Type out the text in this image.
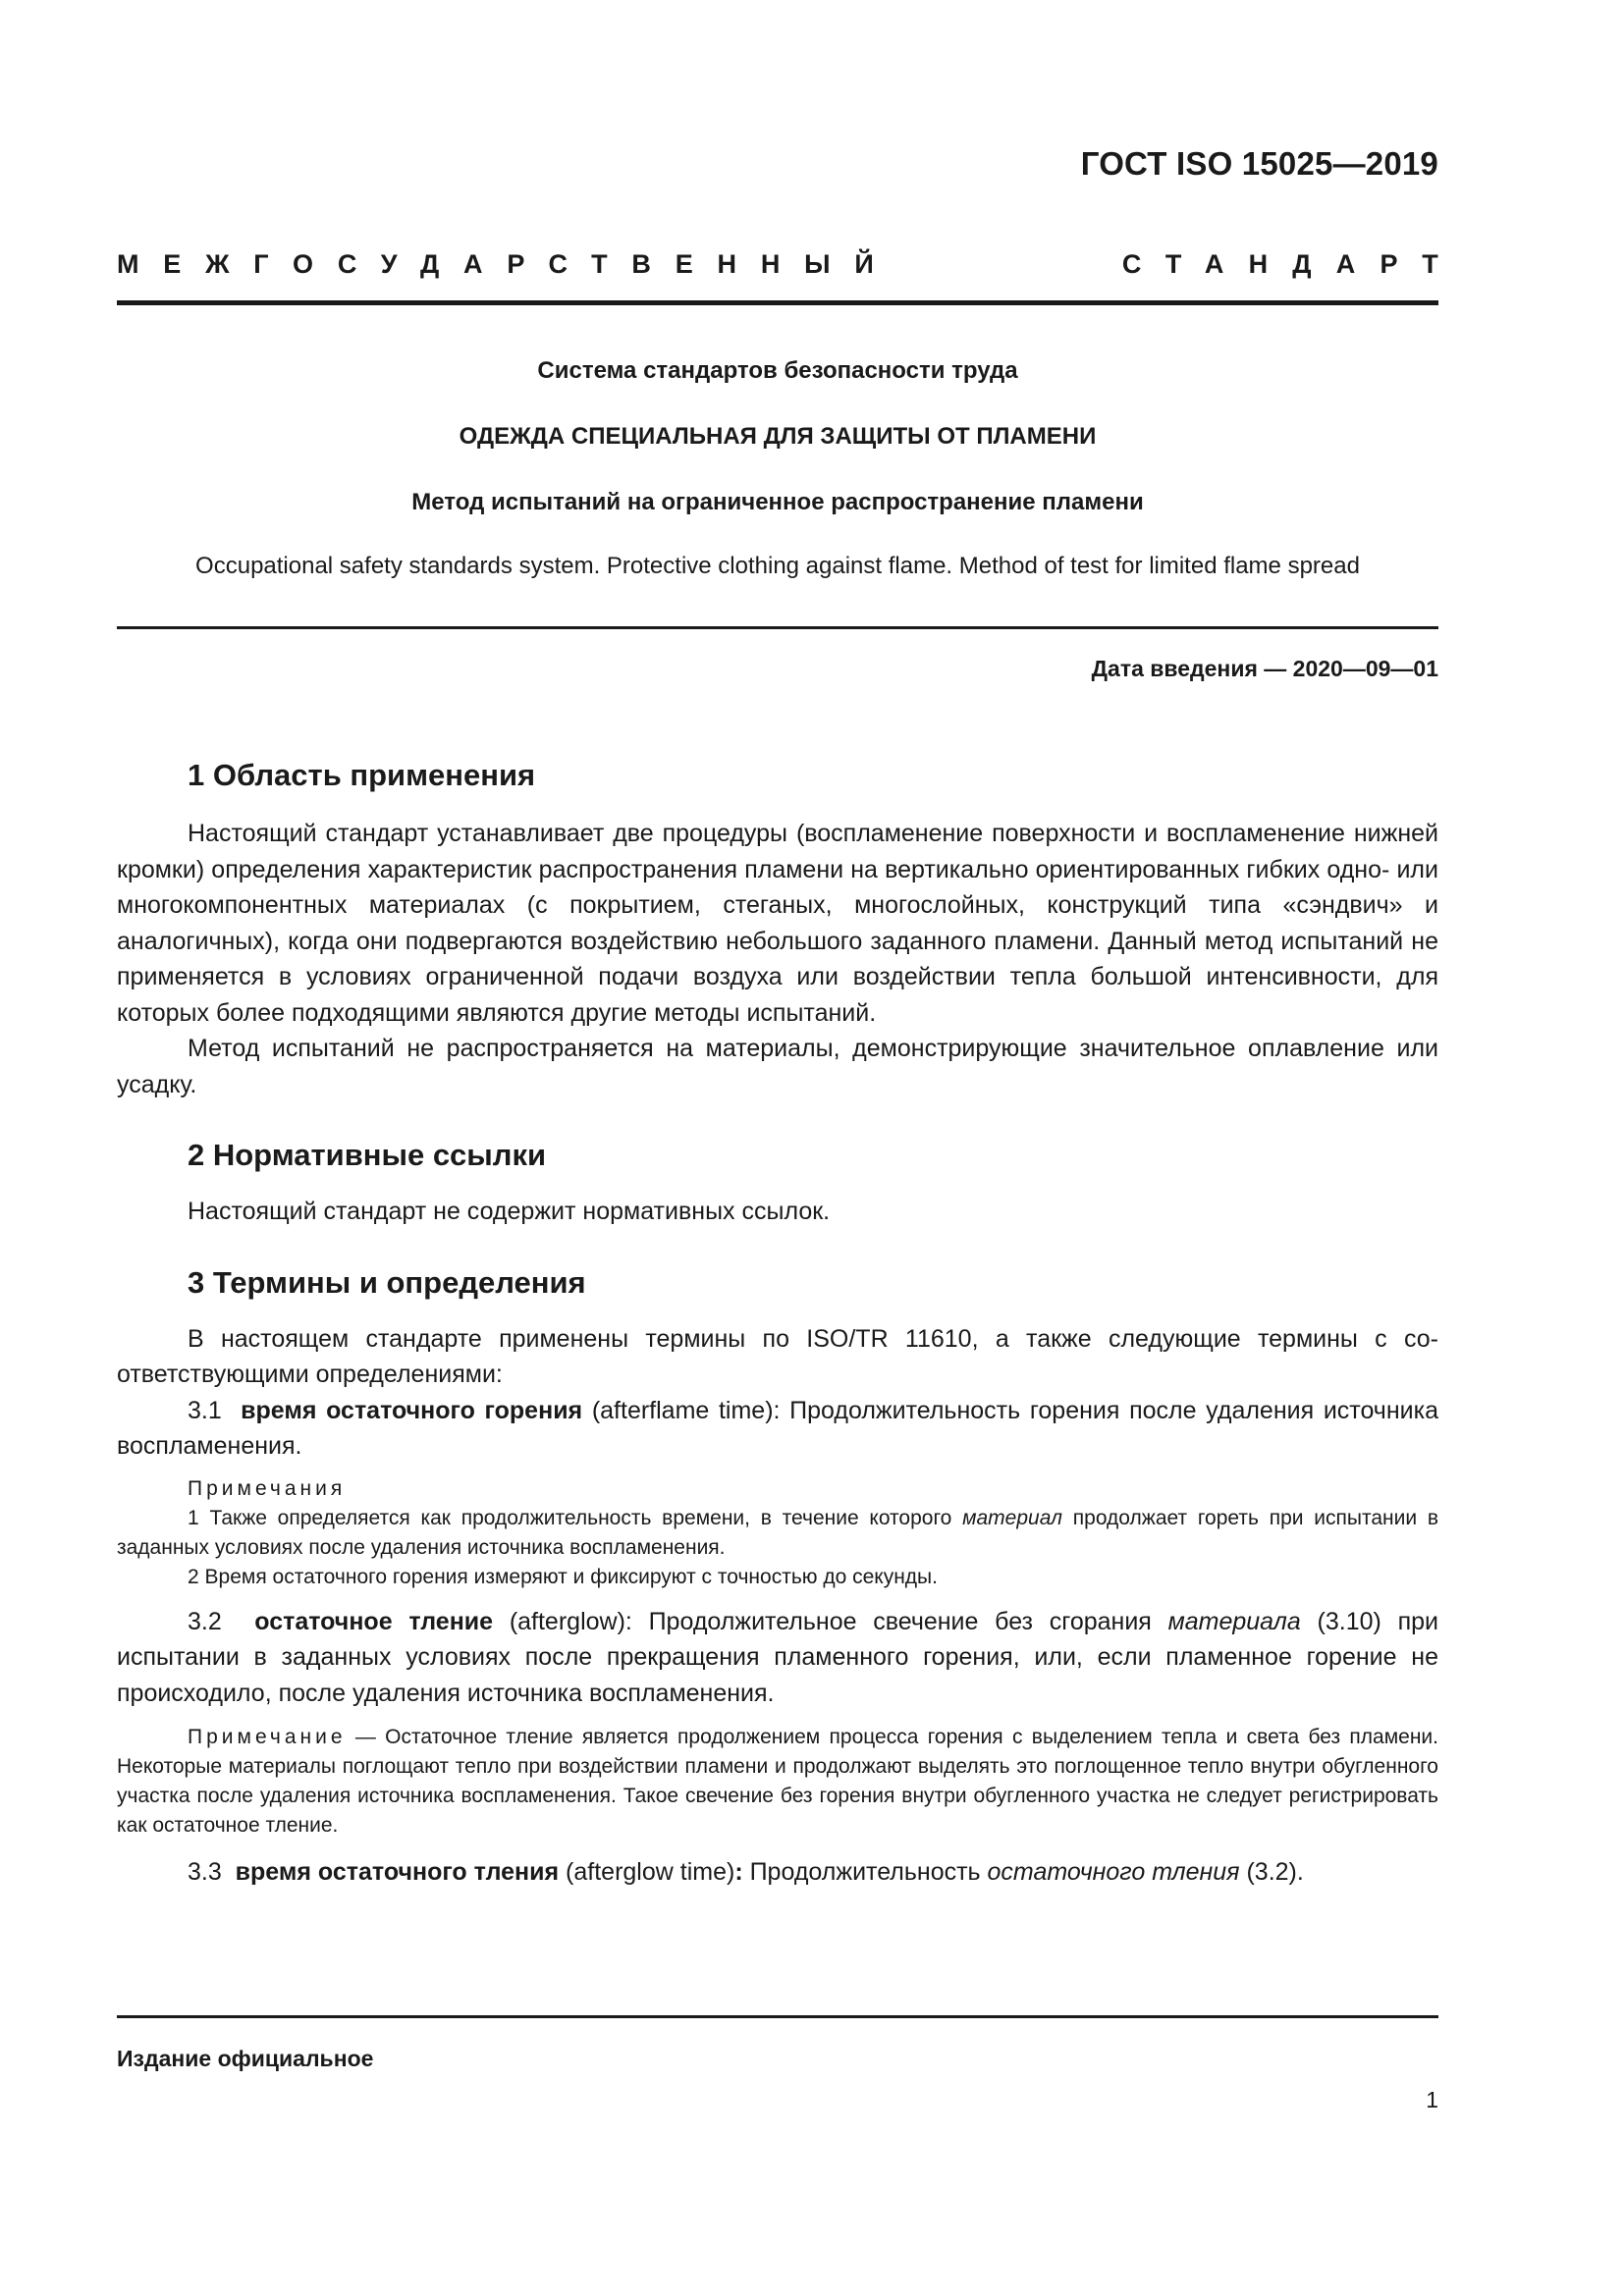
ГОСТ ISO 15025—2019
МЕЖГОСУДАРСТВЕННЫЙ	СТАНДАРТ
Система стандартов безопасности труда
ОДЕЖДА СПЕЦИАЛЬНАЯ ДЛЯ ЗАЩИТЫ ОТ ПЛАМЕНИ
Метод испытаний на ограниченное распространение пламени
Occupational safety standards system. Protective clothing against flame. Method of test for limited flame spread
Дата введения — 2020—09—01
1 Область применения

Настоящий стандарт устанавливает две процедуры (воспламенение поверхности и воспламенение нижней кромки) определения характеристик распространения пламени на вертикально ориентированных гибких одно- или многокомпонентных материалах (с покрытием, стеганых, многослойных, конструкций типа «сэндвич» и аналогичных), когда они подвергаются воздействию небольшого заданного пламени. Данный метод испытаний не применяется в условиях ограниченной подачи воздуха или воздействии тепла большой интенсивности, для которых более подходящими являются другие методы испытаний.

Метод испытаний не распространяется на материалы, демонстрирующие значительное оплавление или усадку.

2 Нормативные ссылки

Настоящий стандарт не содержит нормативных ссылок.

3 Термины и определения

В настоящем стандарте применены термины по ISO/TR 11610, а также следующие термины с соответствующими определениями:

3.1 время остаточного горения (afterflame time): Продолжительность горения после удаления источника воспламенения.

Примечания

1 Также определяется как продолжительность времени, в течение которого материал продолжает гореть при испытании в заданных условиях после удаления источника воспламенения.

2 Время остаточного горения измеряют и фиксируют с точностью до секунды.

3.2 остаточное тление (afterglow): Продолжительное свечение без сгорания материала (3.10) при испытании в заданных условиях после прекращения пламенного горения, или, если пламенное горение не происходило, после удаления источника воспламенения.

Примечание — Остаточное тление является продолжением процесса горения с выделением тепла и света без пламени. Некоторые материалы поглощают тепло при воздействии пламени и продолжают выделять это поглощенное тепло внутри обугленного участка после удаления источника воспламенения. Такое свечение без горения внутри обугленного участка не следует регистрировать как остаточное тление.

3.3 время остаточного тления (afterglow time): Продолжительность остаточного тления (3.2).

Издание официальное
1
